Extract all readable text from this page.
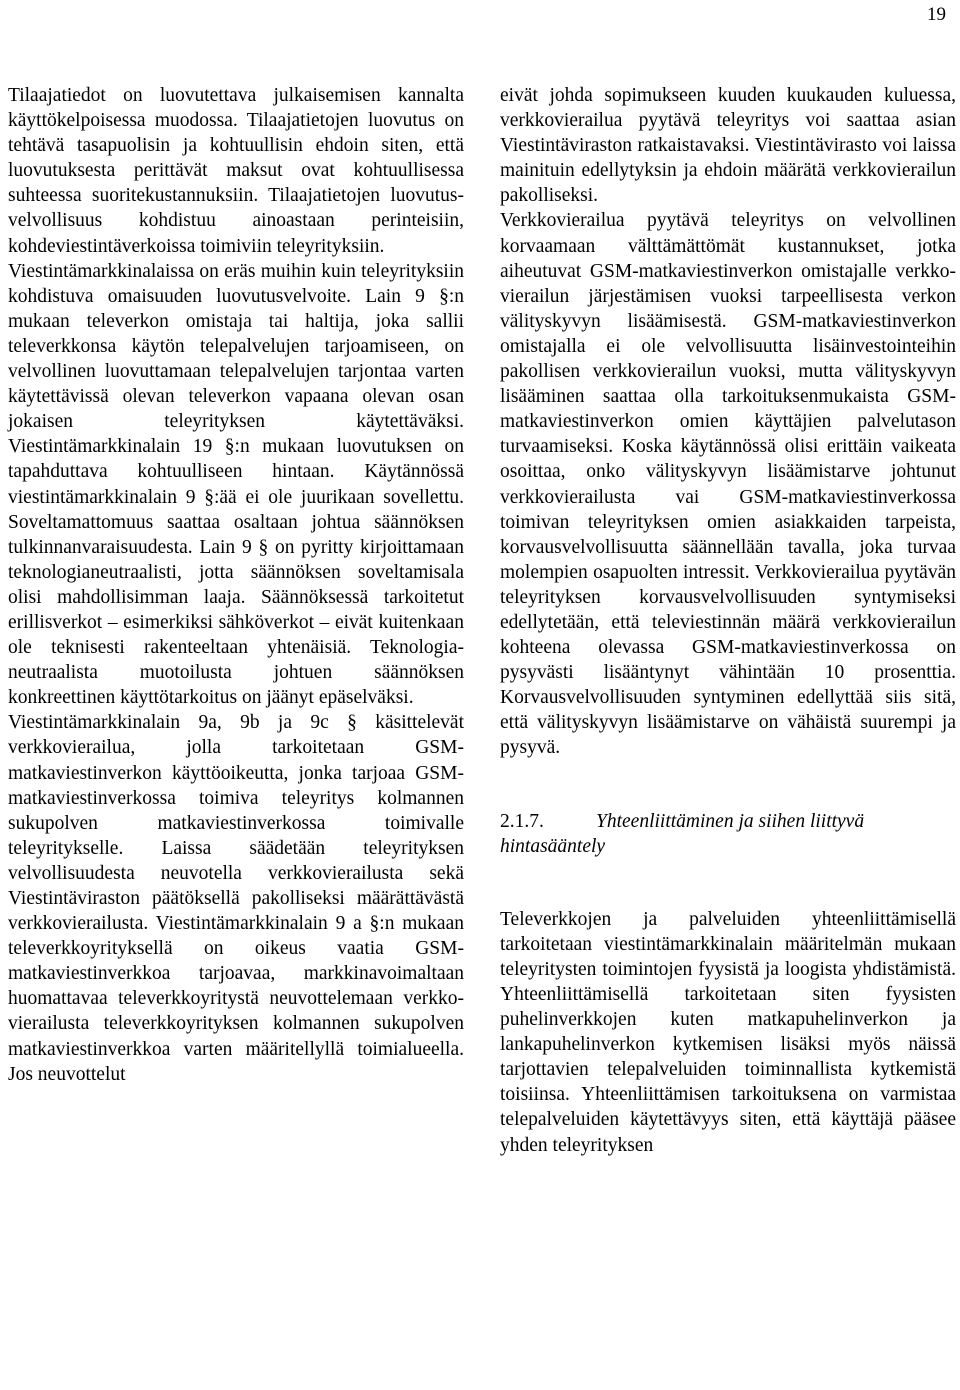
19

Tilaajatiedot on luovutettava julkaisemisen kannalta käyttökelpoisessa muodossa. Tilaajatietojen luovutus on tehtävä tasapuolisin ja kohtuullisin ehdoin siten, että luovutuksesta perittävät maksut ovat kohtuullisessa suhteessa suoritekustannuksiin. Tilaajatietojen luovutusvelvollisuus kohdistuu ainoastaan perinteisiin, kohdeviestintäverkoissa toimiviin teleyrityksiin.

Viestintämarkkinalaissa on eräs muihin kuin teleyrityksiin kohdistuva omaisuuden luovutusvelvoite. Lain 9 §:n mukaan televerkon omistaja tai haltija, joka sallii televerkkonsa käytön telepalvelujen tarjoamiseen, on velvollinen luovuttamaan telepalvelujen tarjontaa varten käytettävissä olevan televerkon vapaana olevan osan jokaisen teleyrityksen käytettäväksi. Viestintämarkkinalain 19 §:n mukaan luovutuksen on tapahduttava kohtuulliseen hintaan. Käytännössä viestintämarkkinalain 9 §:ää ei ole juurikaan sovellettu. Soveltamattomuus saattaa osaltaan johtua säännöksen tulkinnanvaraisuudesta. Lain 9 § on pyritty kirjoittamaan teknologianeutraalisti, jotta säännöksen soveltamisala olisi mahdollisimman laaja. Säännöksessä tarkoitetut erillisverkot – esimerkiksi sähköverkot – eivät kuitenkaan ole teknisesti rakenteeltaan yhtenäisiä. Teknologianeutraalista muotoilusta johtuen säännöksen konkreettinen käyttötarkoitus on jäänyt epäselväksi.

Viestintämarkkinalain 9a, 9b ja 9c § käsittelevät verkkovierailua, jolla tarkoitetaan GSM-matkaviestinverkon käyttöoikeutta, jonka tarjoaa GSM-matkaviestinverkossa toimiva teleyritys kolmannen sukupolven matkaviestinverkossa toimivalle teleyritykselle. Laissa säädetään teleyrityksen velvollisuudesta neuvotella verkkovierailusta sekä Viestintäviraston päätöksellä pakolliseksi määrättävästä verkkovierailusta. Viestintämarkkinalain 9 a §:n mukaan televerkkoyrityksellä on oikeus vaatia GSM-matkaviestinverkkoa tarjoavaa, markkinavoimaltaan huomattavaa televerkkoyritystä neuvottelemaan verkkovierailusta televerkkoyrityksen kolmannen sukupolven matkaviestinverkkoa varten määritellyllä toimialueella. Jos neuvottelut

eivät johda sopimukseen kuuden kuukauden kuluessa, verkkovierailua pyytävä teleyritys voi saattaa asian Viestintäviraston ratkaistavaksi. Viestintävirasto voi laissa mainituin edellytyksin ja ehdoin määrätä verkkovierailun pakolliseksi.

Verkkovierailua pyytävä teleyritys on velvollinen korvaamaan välttämättömät kustannukset, jotka aiheutuvat GSM-matkaviestinverkon omistajalle verkkovierailun järjestämisen vuoksi tarpeellisesta verkon välityskyvyn lisäämisestä. GSM-matkaviestinverkon omistajalla ei ole velvollisuutta lisäinvestointeihin pakollisen verkkovierailun vuoksi, mutta välityskyvyn lisääminen saattaa olla tarkoituksenmukaista GSM-matkaviestinverkon omien käyttäjien palvelutason turvaamiseksi. Koska käytännössä olisi erittäin vaikeata osoittaa, onko välityskyvyn lisäämistarve johtunut verkkovierailusta vai GSM-matkaviestinverkossa toimivan teleyrityksen omien asiakkaiden tarpeista, korvausvelvollisuutta säännellään tavalla, joka turvaa molempien osapuolten intressit. Verkkovierailua pyytävän teleyrityksen korvausvelvollisuuden syntymiseksi edellytetään, että televiestinnän määrä verkkovierailun kohteena olevassa GSM-matkaviestinverkossa on pysyvästi lisääntynyt vähintään 10 prosenttia. Korvausvelvollisuuden syntyminen edellyttää siis sitä, että välityskyvyn lisäämistarve on vähäistä suurempi ja pysyvä.

2.1.7.	Yhteenliittäminen ja siihen liittyvä hintasääntely

Televerkkojen ja palveluiden yhteenliittämisellä tarkoitetaan viestintämarkkinalain määritelmän mukaan teleyritysten toimintojen fyysistä ja loogista yhdistämistä. Yhteenliittämisellä tarkoitetaan siten fyysisten puhelinverkkojen kuten matkapuhelinverkon ja lankapuhelinverkon kytkemisen lisäksi myös näissä tarjottavien telepalveluiden toiminnallista kytkemistä toisiinsa. Yhteenliittämisen tarkoituksena on varmistaa telepalveluiden käytettävyys siten, että käyttäjä pääsee yhden teleyrityksen
